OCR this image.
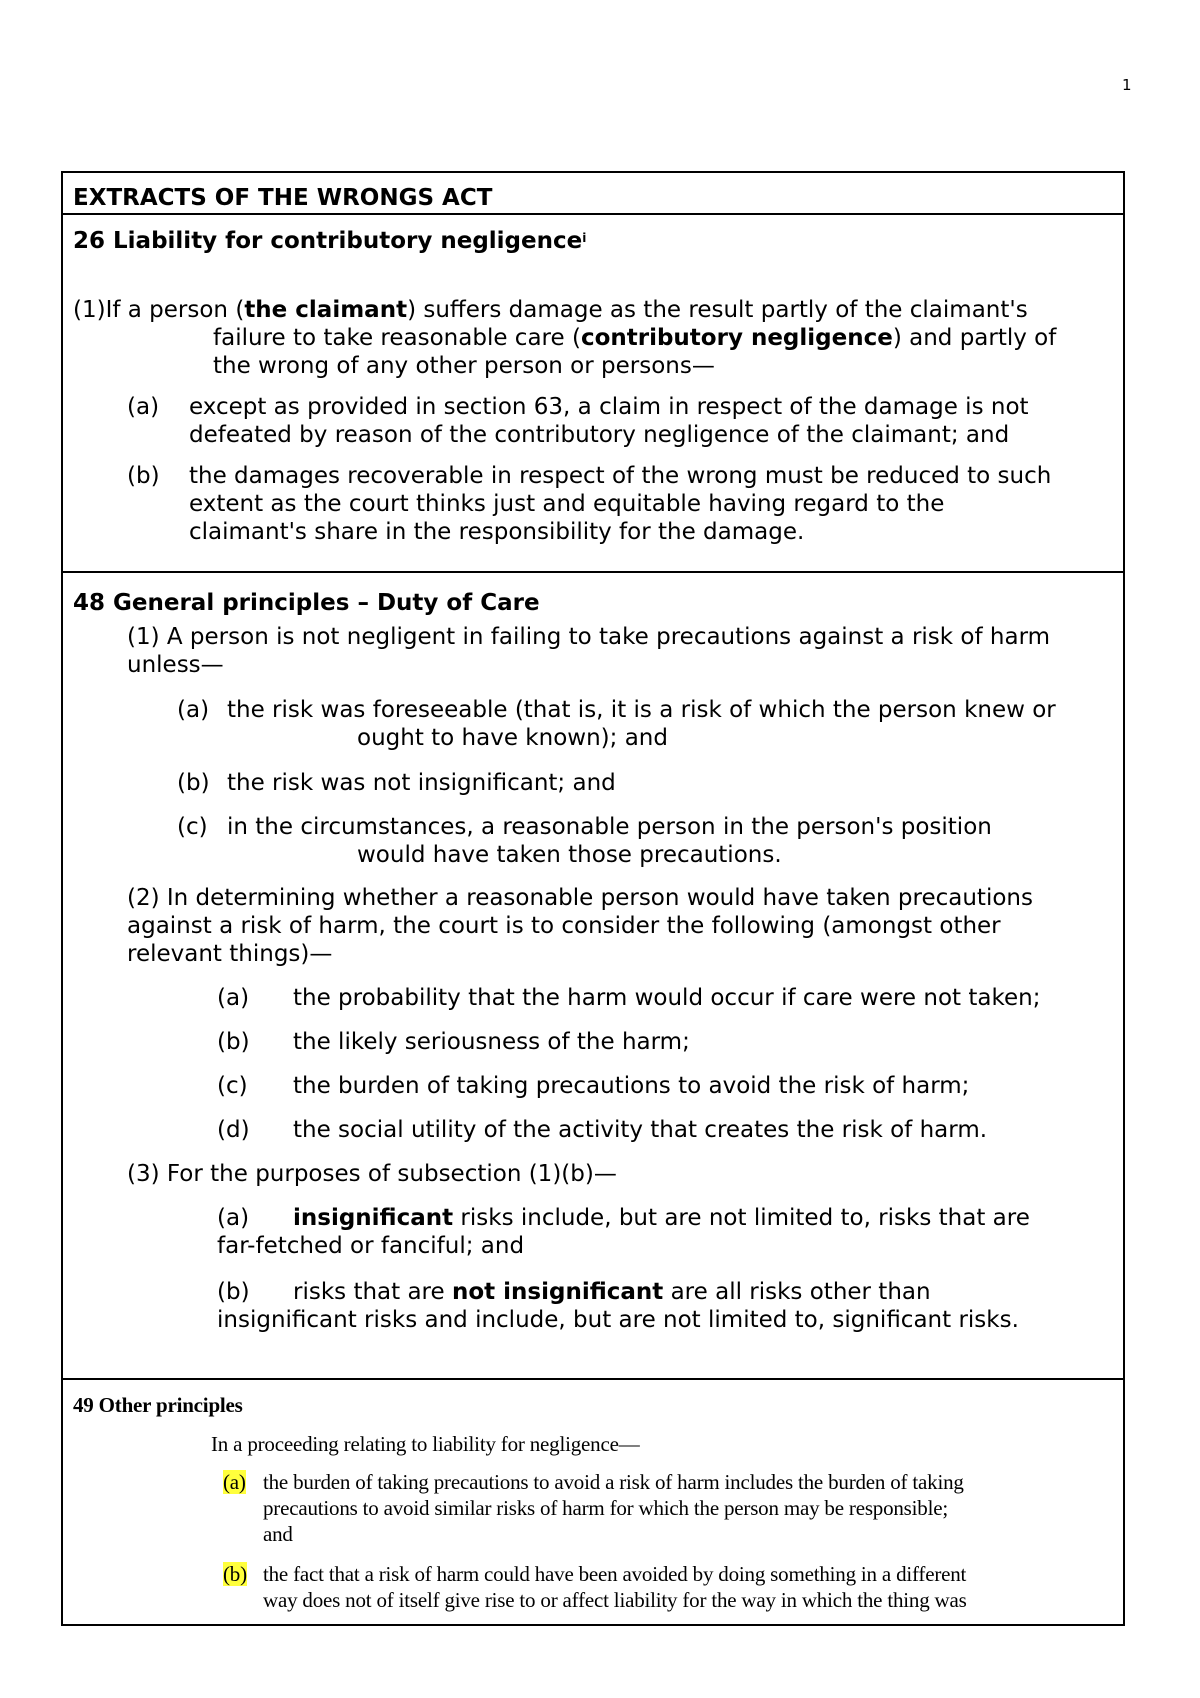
1
EXTRACTS OF THE WRONGS ACT
26 Liability for contributory negligence$^i$
(1)If a person (the claimant) suffers damage as the result partly of the claimant's
failure to take reasonable care (contributory negligence) and partly of
the wrong of any other person or persons—
(a) except as provided in section 63, a claim in respect of the damage is not
defeated by reason of the contributory negligence of the claimant; and
(b) the damages recoverable in respect of the wrong must be reduced to such
extent as the court thinks just and equitable having regard to the
claimant's share in the responsibility for the damage.
48 General principles – Duty of Care
(1) A person is not negligent in failing to take precautions against a risk of harm
unless—
(a) the risk was foreseeable (that is, it is a risk of which the person knew or
ought to have known); and
(b) the risk was not insignificant; and
(c) in the circumstances, a reasonable person in the person's position
would have taken those precautions.
(2) In determining whether a reasonable person would have taken precautions
against a risk of harm, the court is to consider the following (amongst other
relevant things)—
(a) the probability that the harm would occur if care were not taken;
(b) the likely seriousness of the harm;
(c) the burden of taking precautions to avoid the risk of harm;
(d) the social utility of the activity that creates the risk of harm.
(3) For the purposes of subsection (1)(b)—
(a) insignificant risks include, but are not limited to, risks that are
far-fetched or fanciful; and
(b) risks that are not insignificant are all risks other than
insignificant risks and include, but are not limited to, significant risks.
49 Other principles
In a proceeding relating to liability for negligence—
(a) the burden of taking precautions to avoid a risk of harm includes the burden of taking
precautions to avoid similar risks of harm for which the person may be responsible;
and
(b) the fact that a risk of harm could have been avoided by doing something in a different
way does not of itself give rise to or affect liability for the way in which the thing was
